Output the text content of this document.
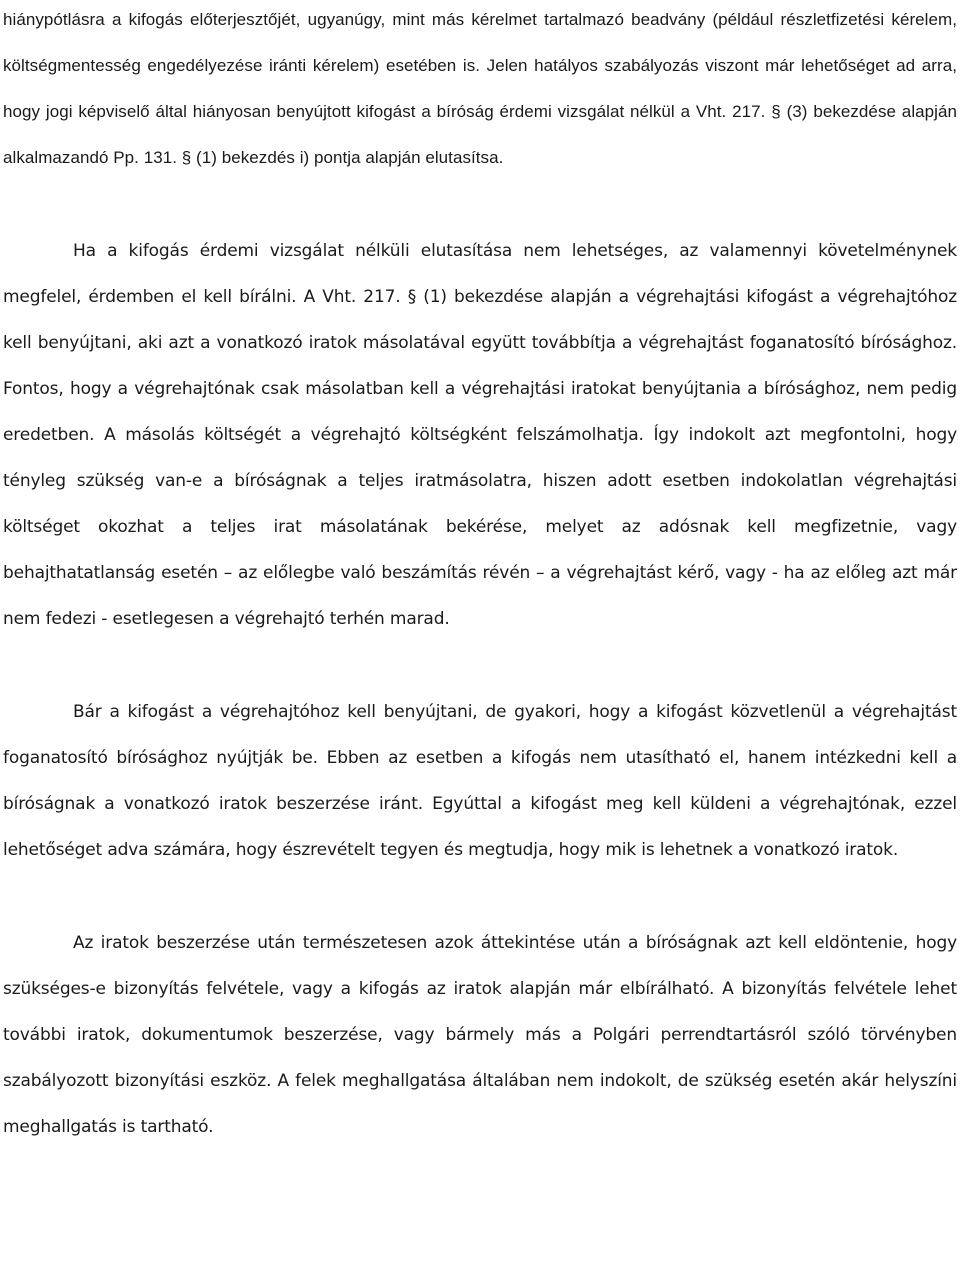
hiánypótlásra a kifogás előterjesztőjét, ugyanúgy, mint más kérelmet tartalmazó beadvány (például részletfizetési kérelem, költségmentesség engedélyezése iránti kérelem) esetében is. Jelen hatályos szabályozás viszont már lehetőséget ad arra, hogy jogi képviselő által hiányosan benyújtott kifogást a bíróság érdemi vizsgálat nélkül a Vht. 217. § (3) bekezdése alapján alkalmazandó Pp. 131. § (1) bekezdés i) pontja alapján elutasítsa.

Ha a kifogás érdemi vizsgálat nélküli elutasítása nem lehetséges, az valamennyi követelménynek megfelel, érdemben el kell bírálni. A Vht. 217. § (1) bekezdése alapján a végrehajtási kifogást a végrehajtóhoz kell benyújtani, aki azt a vonatkozó iratok másolatával együtt továbbítja a végrehajtást foganatosító bírósághoz. Fontos, hogy a végrehajtónak csak másolatban kell a végrehajtási iratokat benyújtania a bírósághoz, nem pedig eredetben. A másolás költségét a végrehajtó költségként felszámolhatja. Így indokolt azt megfontolni, hogy tényleg szükség van-e a bíróságnak a teljes iratmásolatra, hiszen adott esetben indokolatlan végrehajtási költséget okozhat a teljes irat másolatának bekérése, melyet az adósnak kell megfizetnie, vagy behajthatatlanság esetén – az előlegbe való beszámítás révén – a végrehajtást kérő, vagy - ha az előleg azt már nem fedezi - esetlegesen a végrehajtó terhén marad.

Bár a kifogást a végrehajtóhoz kell benyújtani, de gyakori, hogy a kifogást közvetlenül a végrehajtást foganatosító bírósághoz nyújtják be. Ebben az esetben a kifogás nem utasítható el, hanem intézkedni kell a bíróságnak a vonatkozó iratok beszerzése iránt. Egyúttal a kifogást meg kell küldeni a végrehajtónak, ezzel lehetőséget adva számára, hogy észrevételt tegyen és megtudja, hogy mik is lehetnek a vonatkozó iratok.

Az iratok beszerzése után természetesen azok áttekintése után a bíróságnak azt kell eldöntenie, hogy szükséges-e bizonyítás felvétele, vagy a kifogás az iratok alapján már elbírálható. A bizonyítás felvétele lehet további iratok, dokumentumok beszerzése, vagy bármely más a Polgári perrendtartásról szóló törvényben szabályozott bizonyítási eszköz. A felek meghallgatása általában nem indokolt, de szükség esetén akár helyszíni meghallgatás is tartható.
